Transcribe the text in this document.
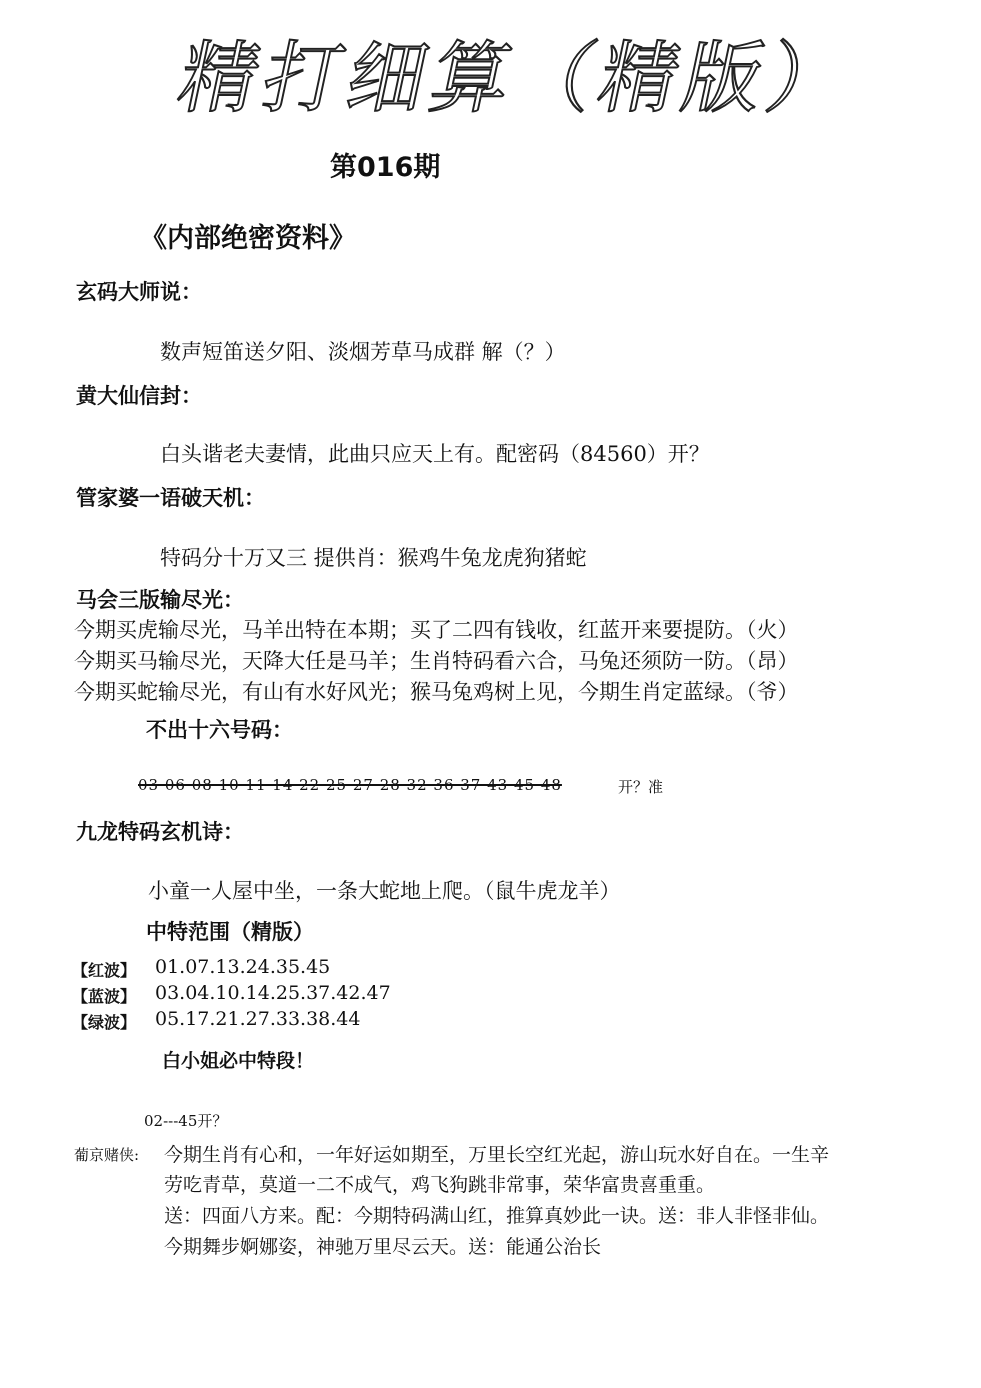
精打细算（精版）
第016期
《内部绝密资料》
玄码大师说：
数声短笛送夕阳、淡烟芳草马成群 解（？）
黄大仙信封：
白头谐老夫妻情，此曲只应天上有。配密码（84560）开？
管家婆一语破天机：
特码分十万又三 提供肖：猴鸡牛兔龙虎狗猪蛇
马会三版输尽光：
今期买虎输尽光，马羊出特在本期；买了二四有钱收，红蓝开来要提防。（火）
今期买马输尽光，天降大任是马羊；生肖特码看六合，马兔还须防一防。（昂）
今期买蛇输尽光，有山有水好风光；猴马兔鸡树上见，今期生肖定蓝绿。（爷）
不出十六号码：
03 06 08 10 11 14 22 25 27 28 32 36 37 43 45 48	开？准
九龙特码玄机诗：
小童一人屋中坐，一条大蛇地上爬。（鼠牛虎龙羊）
中特范围（精版）
【红波】 01.07.13.24.35.45
【蓝波】 03.04.10.14.25.37.42.47
【绿波】 05.17.21.27.33.38.44
白小姐必中特段！
02---45开？
葡京赌侠: 今期生肖有心和，一年好运如期至，万里长空红光起，游山玩水好自在。一生辛
劳吃青草，莫道一二不成气，鸡飞狗跳非常事，荣华富贵喜重重。
送：四面八方来。配：今期特码满山红，推算真妙此一诀。送：非人非怪非仙。
今期舞步婀娜姿，神驰万里尽云天。送：能通公治长
